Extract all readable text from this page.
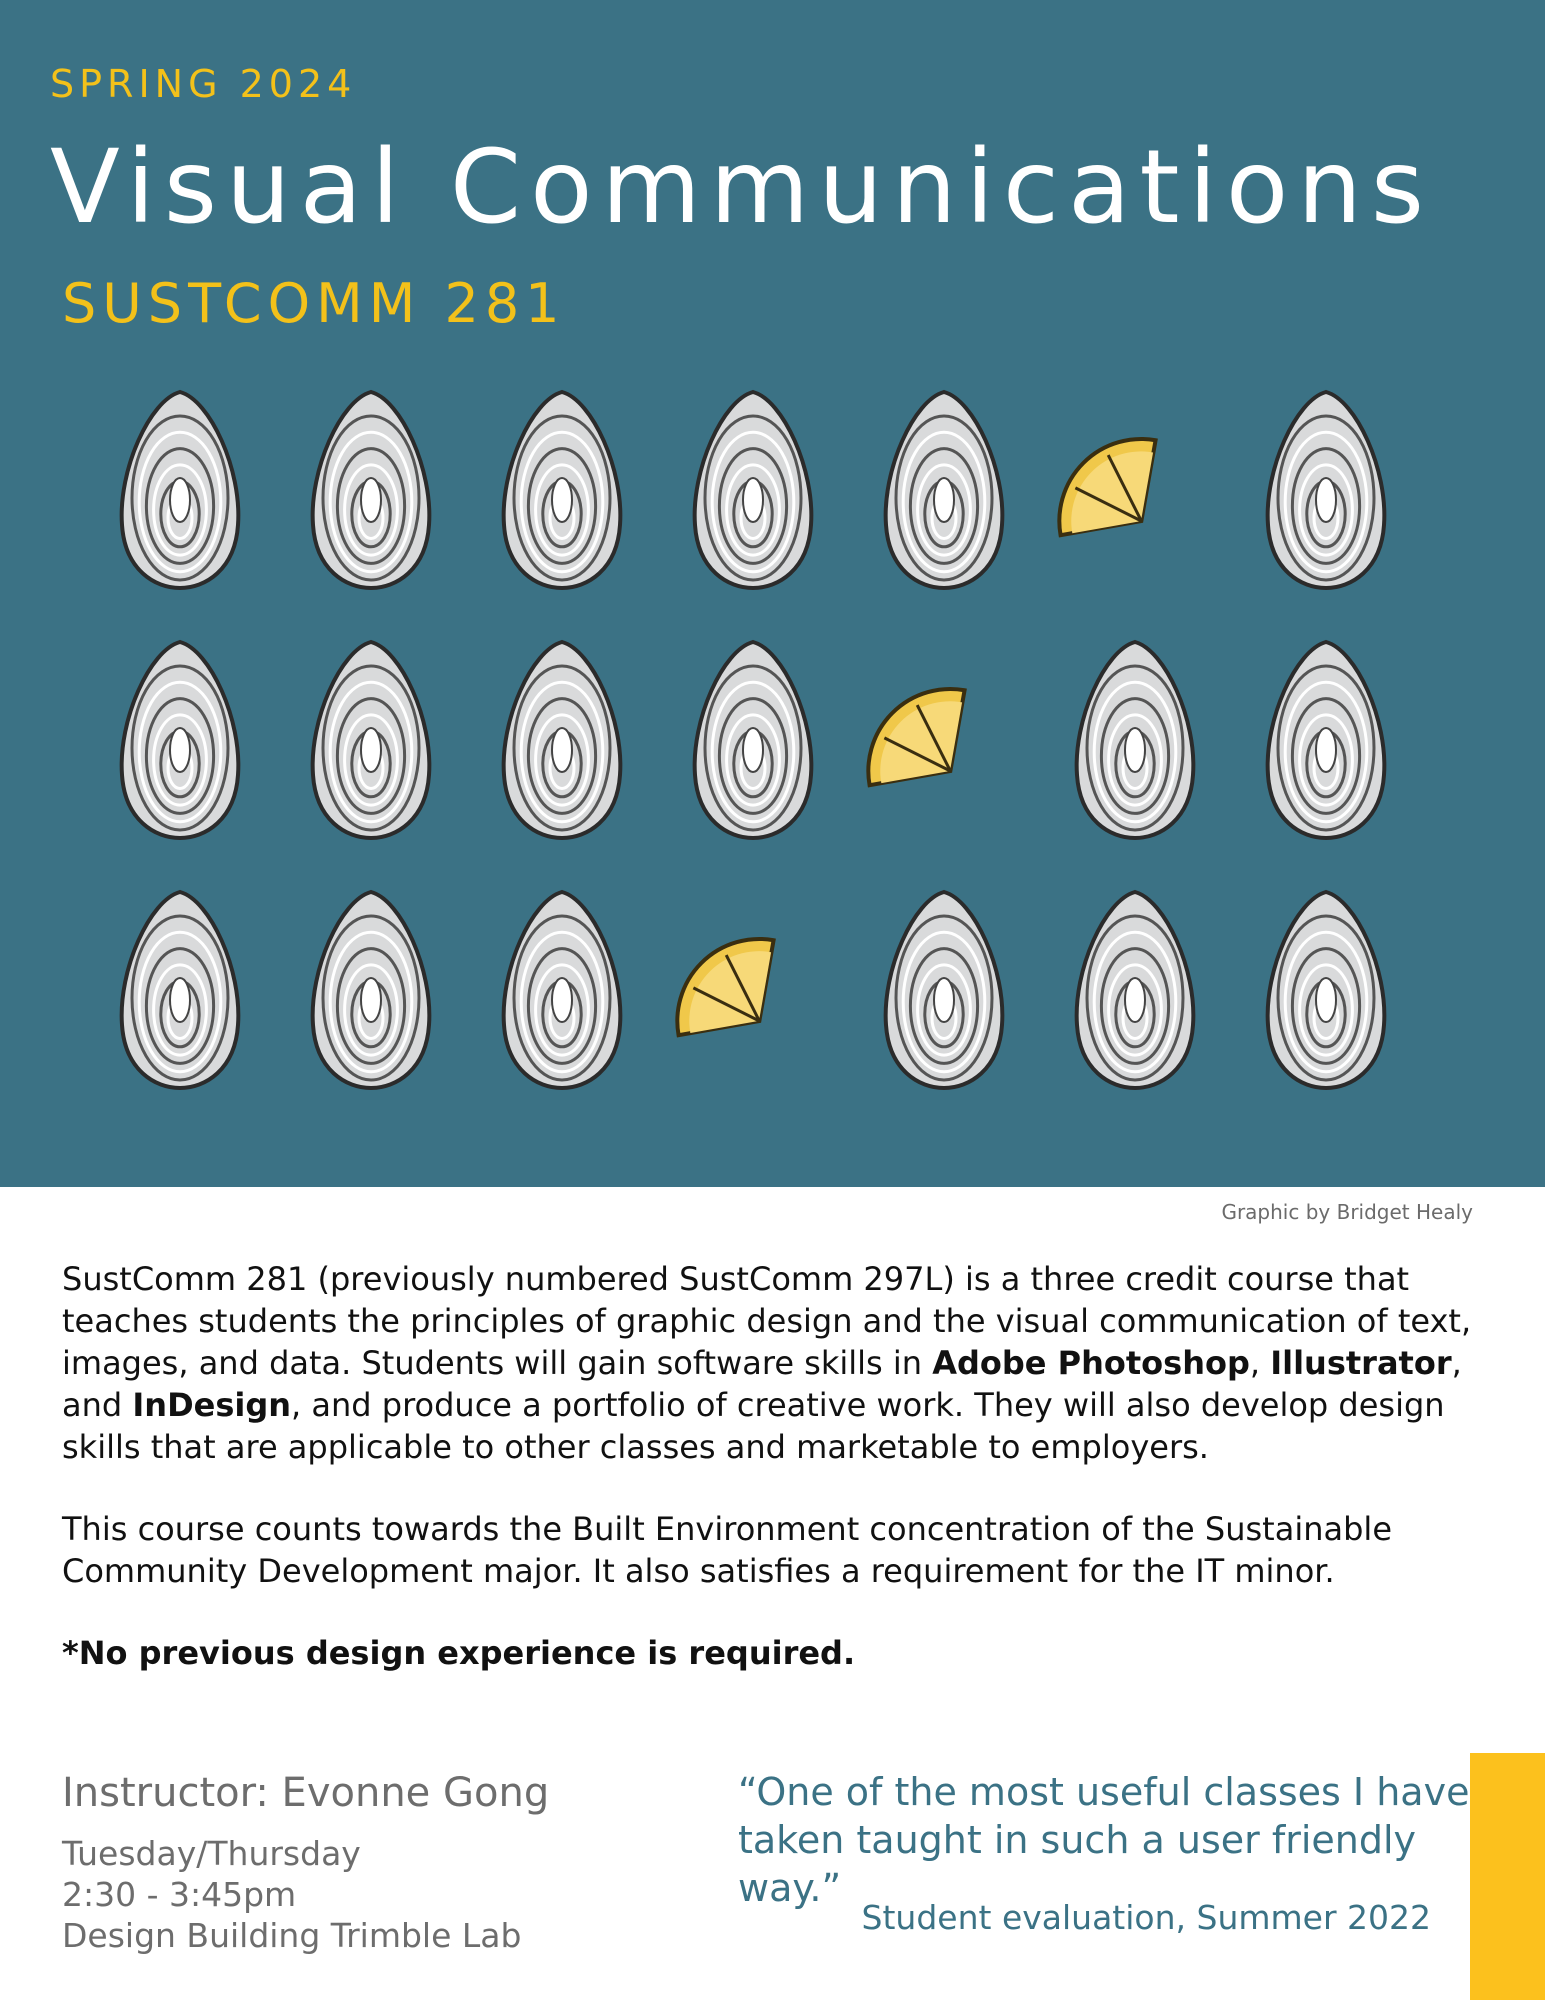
SPRING 2024
Visual Communications
SUSTCOMM 281
Graphic by Bridget Healy

SustComm 281 (previously numbered SustComm 297L) is a three credit course that teaches students the principles of graphic design and the visual communication of text, images, and data. Students will gain software skills in Adobe Photoshop, Illustrator, and InDesign, and produce a portfolio of creative work. They will also develop design skills that are applicable to other classes and marketable to employers.

This course counts towards the Built Environment concentration of the Sustainable Community Development major. It also satisfies a requirement for the IT minor.

*No previous design experience is required.

Instructor: Evonne Gong
Tuesday/Thursday
2:30 - 3:45pm
Design Building Trimble Lab
“One of the most useful classes I have taken taught in such a user friendly way.”
Student evaluation, Summer 2022
